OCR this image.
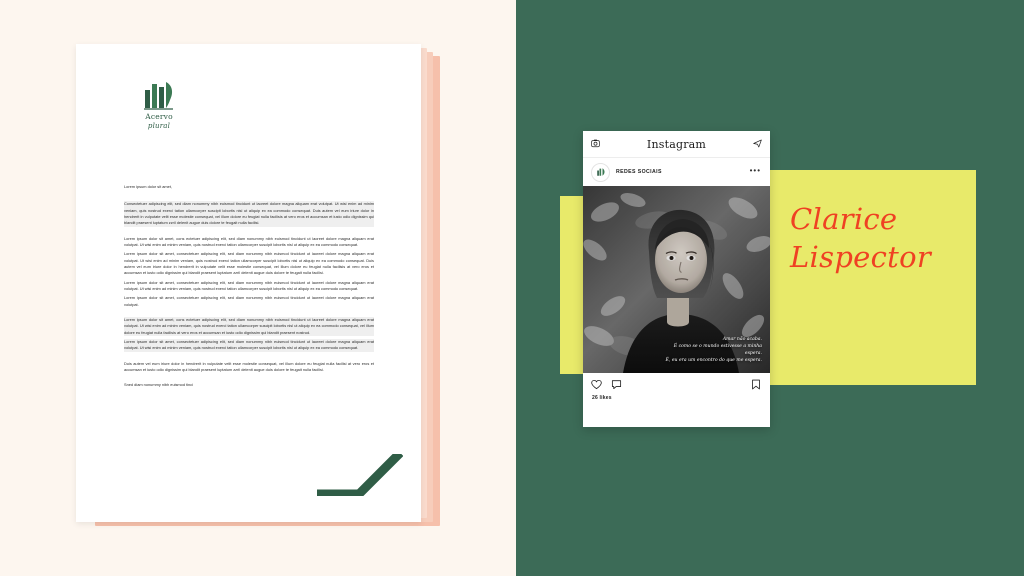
Acervo
plural

Lorem ipsum dolor sit amet,

Consectetuer adipiscing elit, sed diam nonummy nibh euismod tincidunt ut laoreet dolore magna aliquam erat volutpat. Ut wisi enim ad minim veniam, quis nostrud exerci tation ullamcorper suscipit lobortis nisl ut aliquip ex ea commodo consequat. Duis autem vel eum iriure dolor in hendrerit in vulputate velit esse molestie consequat, vel illum dolore eu feugiat nulla facilisis at vero eros et accumsan et iusto odio dignissim qui blandit praesent luptatum zzril delenit augue duis dolore te feugait nulla facilisi.

Lorem ipsum dolor sit amet, cons ectetuer adipiscing elit, sed diam nonummy nibh euismod tincidunt ut laoreet dolore magna aliquam erat volutpat. Ut wisi enim ad minim veniam, quis nostrud exerci tation ullamcorper suscipit lobortis nisl ut aliquip ex ea commodo consequat.

Lorem ipsum dolor sit amet, consectetuer adipiscing elit, sed diam nonummy nibh euismod tincidunt ut laoreet dolore magna aliquam erat volutpat. Ut wisi enim ad minim veniam, quis nostrud exerci tation ullamcorper suscipit lobortis nisl ut aliquip ex ea commodo consequat. Duis autem vel eum iriure dolor in hendrerit in vulputate velit esse molestie consequat, vel illum dolore eu feugiat nulla facilisis at vero eros et accumsan et iusto odio dignissim qui blandit praesent luptatum zzril delenit augue duis dolore te feugait nulla facilisi.

Lorem ipsum dolor sit amet, consectetuer adipiscing elit, sed diam nonummy nibh euismod tincidunt ut laoreet dolore magna aliquam erat volutpat. Ut wisi enim ad minim veniam, quis nostrud exerci tation ullamcorper suscipit lobortis nisl ut aliquip ex ea commodo consequat.

Lorem ipsum dolor sit amet, consectetuer adipiscing elit, sed diam nonummy nibh euismod tincidunt ut laoreet dolore magna aliquam erat volutpat.

Lorem ipsum dolor sit amet, cons ectetuer adipiscing elit, sed diam nonummy nibh euismod tincidunt ut laoreet dolore magna aliquam erat volutpat. Ut wisi enim ad minim veniam, quis nostrud exerci tation ullamcorper suscipit lobortis nisl ut aliquip ex ea commodo consequat, vel illum dolore eu feugiat nulla facilisis at vero eros et accumsan et iusto odio dignissim qui blandit praesent nostrud.

Lorem ipsum dolor sit amet, consectetuer adipiscing elit, sed diam nonummy nibh euismod tincidunt ut laoreet dolore magna aliquam erat volutpat. Ut wisi enim ad minim veniam, quis nostrud exerci tation ullamcorper suscipit lobortis nisl ut aliquip ex ea commodo consequat.

Duis autem vel eum iriure dolor in hendrerit in vulputate velit esse molestie consequat, vel illum dolore eu feugiat nulla facilisi at vero eros et accumsan et iusto odio dignissim qui blandit praesent luptatum zzril delenit augue duis dolore te feugait nulla facilisi.

Sned diam nonummy nibh euismod tinci

Clarice
Lispector
Instagram
REDES SOCIAIS	•••
Amar não acaba.
É como se o mundo estivesse a minha espera.
É, eu era um encontro do que me espera.
26 likes
